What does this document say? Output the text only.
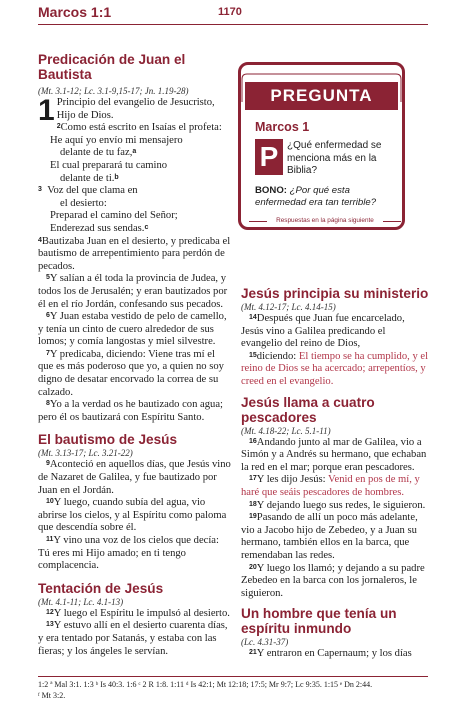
Marcos 1:1	1170
Predicación de Juan el Bautista

(Mt. 3.1-12; Lc. 3.1-9,15-17; Jn. 1.19-28)

1 Principio del evangelio de Jesucristo, Hijo de Dios.

$^2$Como está escrito en Isaías el profeta:

He aquí yo envío mi mensajero

delante de tu faz,$^a$

El cual preparará tu camino

delante de ti.$^b$

$^3$ Voz del que clama en

el desierto:

Preparad el camino del Señor;

Enderezad sus sendas.$^c$

$^4$Bautizaba Juan en el desierto, y predicaba el bautismo de arrepentimiento para perdón de pecados.

$^5$Y salían a él toda la provincia de Judea, y todos los de Jerusalén; y eran bautizados por él en el río Jordán, confesando sus pecados.

$^6$Y Juan estaba vestido de pelo de camello, y tenía un cinto de cuero alrededor de sus lomos; y comía langostas y miel silvestre.

$^7$Y predicaba, diciendo: Viene tras mí el que es más poderoso que yo, a quien no soy digno de desatar encorvado la correa de su calzado.

$^8$Yo a la verdad os he bautizado con agua; pero él os bautizará con Espíritu Santo.

El bautismo de Jesús

(Mt. 3.13-17; Lc. 3.21-22)

$^9$Aconteció en aquellos días, que Jesús vino de Nazaret de Galilea, y fue bautizado por Juan en el Jordán.

$^{10}$Y luego, cuando subía del agua, vio abrirse los cielos, y al Espíritu como paloma que descendía sobre él.

$^{11}$Y vino una voz de los cielos que decía: Tú eres mi Hijo amado; en ti tengo complacencia.

Tentación de Jesús

(Mt. 4.1-11; Lc. 4.1-13)

$^{12}$Y luego el Espíritu le impulsó al desierto.

$^{13}$Y estuvo allí en el desierto cuarenta días, y era tentado por Satanás, y estaba con las fieras; y los ángeles le servían.

PREGUNTA
Marcos 1
P ¿Qué enfermedad se menciona más en la Biblia?
BONO: ¿Por qué esta enfermedad era tan terrible?
Respuestas en la página siguiente
Jesús principia su ministerio

(Mt. 4.12-17; Lc. 4.14-15)

$^{14}$Después que Juan fue encarcelado, Jesús vino a Galilea predicando el evangelio del reino de Dios,

$^{15}$diciendo: El tiempo se ha cumplido, y el reino de Dios se ha acercado; arrepentíos, y creed en el evangelio.

Jesús llama a cuatro pescadores

(Mt. 4.18-22; Lc. 5.1-11)

$^{16}$Andando junto al mar de Galilea, vio a Simón y a Andrés su hermano, que echaban la red en el mar; porque eran pescadores.

$^{17}$Y les dijo Jesús: Venid en pos de mí, y haré que seáis pescadores de hombres.

$^{18}$Y dejando luego sus redes, le siguieron.

$^{19}$Pasando de allí un poco más adelante, vio a Jacobo hijo de Zebedeo, y a Juan su hermano, también ellos en la barca, que remendaban las redes.

$^{20}$Y luego los llamó; y dejando a su padre Zebedeo en la barca con los jornaleros, le siguieron.

Un hombre que tenía un espíritu inmundo

(Lc. 4.31-37)

$^{21}$Y entraron en Capernaum; y los días

1:2 ª Mal 3:1. 1:3 ᵇ Is 40:3. 1:6 ᶜ 2 R 1:8. 1:11 ᵈ Is 42:1; Mt 12:18; 17:5; Mr 9:7; Lc 9:35. 1:15 ᵉ Dn 2:44.
ᶠ Mt 3:2.
